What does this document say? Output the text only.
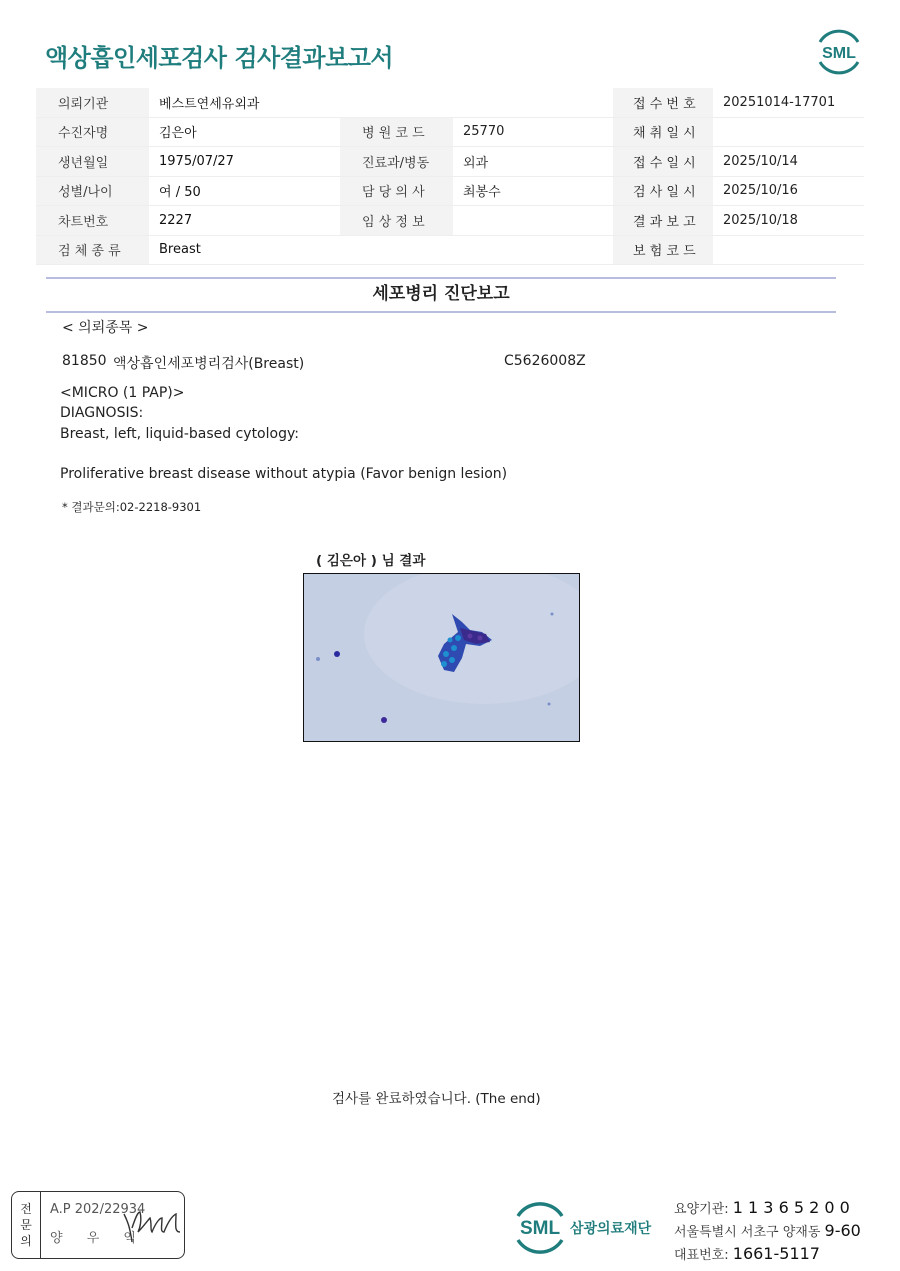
액상흡인세포검사 검사결과보고서	SML
의뢰기관	베스트연세유외과			접 수 번 호	20251014-17701
수진자명	김은아	병 원 코 드	25770	채 취 일 시	
생년월일	1975/07/27	진료과/병동	외과	접 수 일 시	2025/10/14
성별/나이	여 / 50	담 당 의 사	최봉수	검 사 일 시	2025/10/16
차트번호	2227	임 상 정 보		결 과 보 고	2025/10/18
검 체 종 류	Breast			보 험 코 드	
세포병리 진단보고
< 의뢰종목 >
81850 액상흡인세포병리검사(Breast)	C5626008Z
<MICRO (1 PAP)>
DIAGNOSIS:
Breast, left, liquid-based cytology:
Proliferative breast disease without atypia (Favor benign lesion)
* 결과문의:02-2218-9301
( 김은아 ) 님 결과
검사를 완료하였습니다. (The end)
전
문
의
A.P 202/22934
양 우 익	SML 삼광의료재단
요양기관: 1 1 3 6 5 2 0 0
서울특별시 서초구 양재동 9-60
대표번호: 1661-5117
